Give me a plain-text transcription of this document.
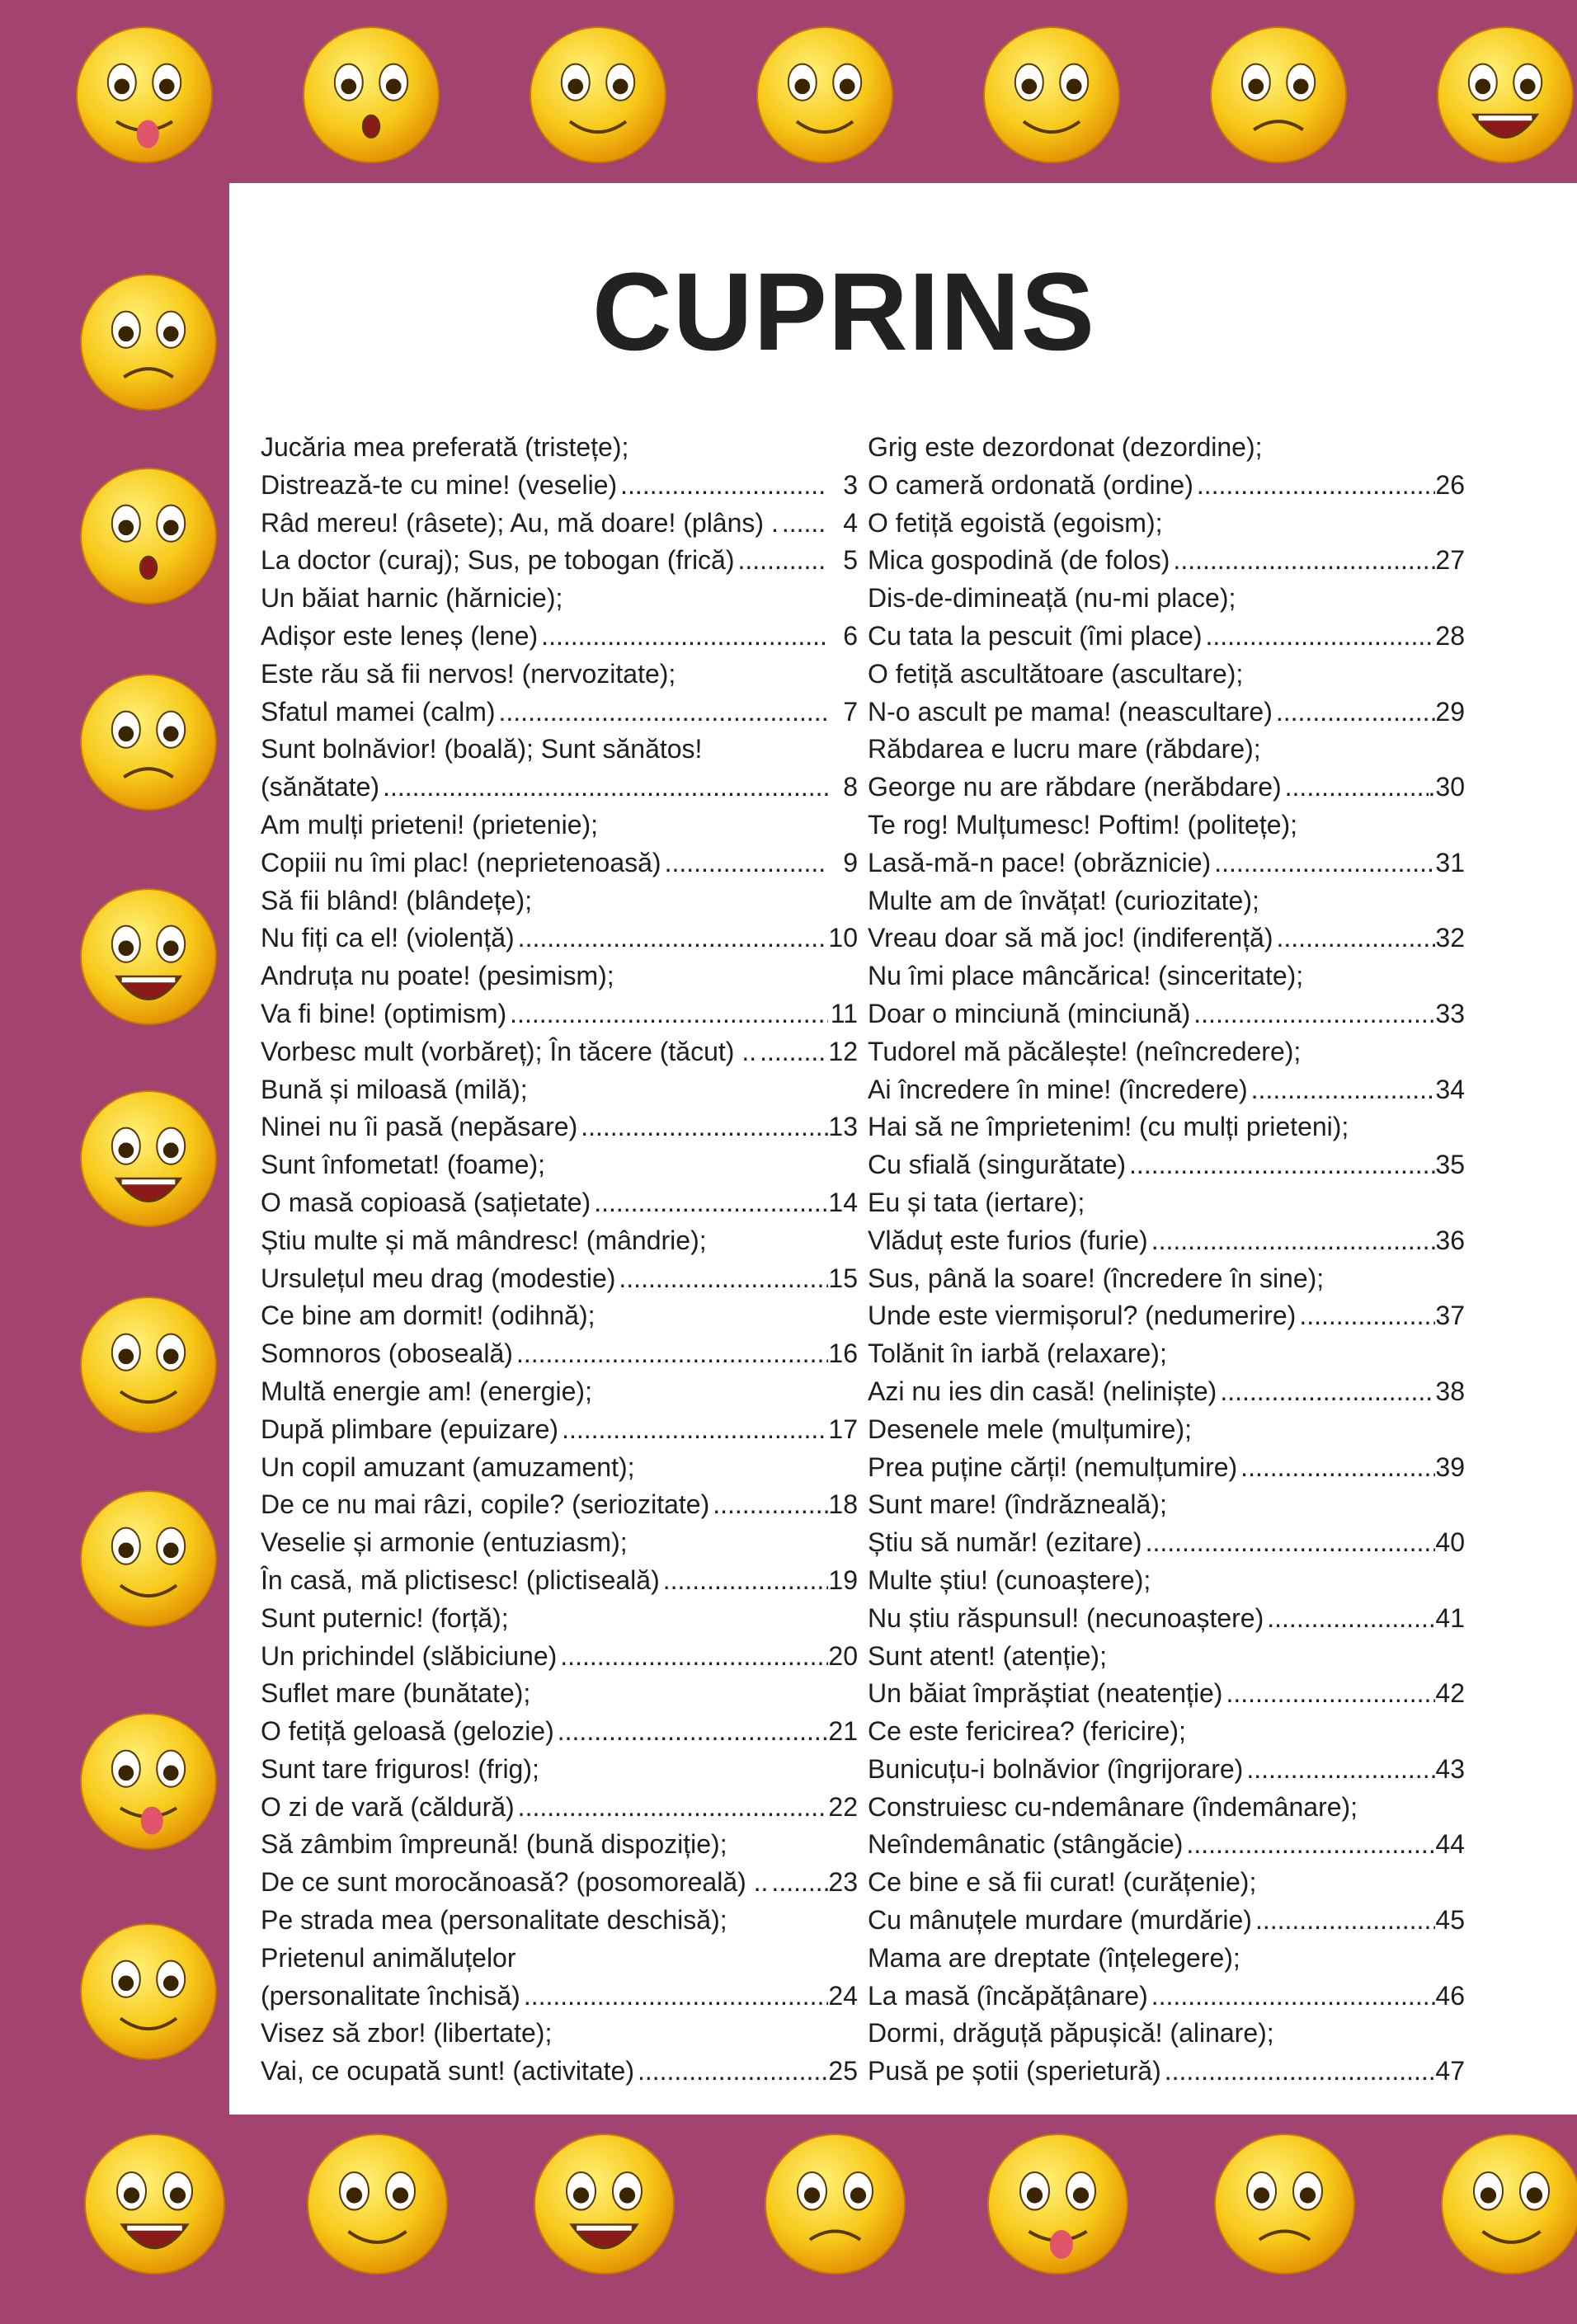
CUPRINS
Jucăria mea preferată (tristețe);
Distrează-te cu mine! (veselie) .....	3
Râd mereu! (râsete); Au, mă doare! (plâns) . .....	4
La doctor (curaj); Sus, pe tobogan (frică) .....	5
Un băiat harnic (hărnicie);
Adișor este leneș (lene) .....	6
Este rău să fii nervos! (nervozitate);
Sfatul mamei (calm) .....	7
Sunt bolnăvior! (boală); Sunt sănătos!
(sănătate) .....	8
Am mulți prieteni! (prietenie);
Copiii nu îmi plac! (neprietenoasă) .....	9
Să fii blând! (blândețe);
Nu fiți ca el! (violență) .....	10
Andruța nu poate! (pesimism);
Va fi bine! (optimism) .....	11
Vorbesc mult (vorbăreț); În tăcere (tăcut) .. .....	12
Bună și miloasă (milă);
Ninei nu îi pasă (nepăsare) .....	13
Sunt înfometat! (foame);
O masă copioasă (sațietate) .....	14
Știu multe și mă mândresc! (mândrie);
Ursulețul meu drag (modestie) .....	15
Ce bine am dormit! (odihnă);
Somnoros (oboseală) .....	16
Multă energie am! (energie);
După plimbare (epuizare) .....	17
Un copil amuzant (amuzament);
De ce nu mai râzi, copile? (seriozitate) .....	18
Veselie și armonie (entuziasm);
În casă, mă plictisesc! (plictiseală) .....	19
Sunt puternic! (forță);
Un prichindel (slăbiciune) .....	20
Suflet mare (bunătate);
O fetiță geloasă (gelozie) .....	21
Sunt tare friguros! (frig);
O zi de vară (căldură) .....	22
Să zâmbim împreună! (bună dispoziție);
De ce sunt morocănoasă? (posomoreală) .. ..... 23
Pe strada mea (personalitate deschisă);
Prietenul animăluțelor
(personalitate închisă) .....	24
Visez să zbor! (libertate);
Vai, ce ocupată sunt! (activitate) .....	25
Grig este dezordonat (dezordine);
O cameră ordonată (ordine) .....	26
O fetiță egoistă (egoism);
Mica gospodină (de folos) .....	27
Dis-de-dimineață (nu-mi place);
Cu tata la pescuit (îmi place) .....	28
O fetiță ascultătoare (ascultare);
N-o ascult pe mama! (neascultare) .....	29
Răbdarea e lucru mare (răbdare);
George nu are răbdare (nerăbdare) .....	.30
Te rog! Mulțumesc! Poftim! (politețe);
Lasă-mă-n pace! (obrăznicie) .....	31
Multe am de învățat! (curiozitate);
Vreau doar să mă joc! (indiferență) .....	32
Nu îmi place mâncărica! (sinceritate);
Doar o minciună (minciună) .....	33
Tudorel mă păcălește! (neîncredere);
Ai încredere în mine! (încredere) .....	34
Hai să ne împrietenim! (cu mulți prieteni);
Cu sfială (singurătate) .....	35
Eu și tata (iertare);
Vlăduț este furios (furie) .....	36
Sus, până la soare! (încredere în sine);
Unde este viermișorul? (nedumerire) .....	37
Tolănit în iarbă (relaxare);
Azi nu ies din casă! (neliniște) .....	38
Desenele mele (mulțumire);
Prea puține cărți! (nemulțumire) .....	39
Sunt mare! (îndrăzneală);
Știu să număr! (ezitare) .....	40
Multe știu! (cunoaștere);
Nu știu răspunsul! (necunoaștere) .....	41
Sunt atent! (atenție);
Un băiat împrăștiat (neatenție) .....	42
Ce este fericirea? (fericire);
Bunicuțu-i bolnăvior (îngrijorare) .....	43
Construiesc cu-ndemânare (îndemânare);
Neîndemânatic (stângăcie) .....	44
Ce bine e să fii curat! (curățenie);
Cu mânuțele murdare (murdărie) .....	45
Mama are dreptate (înțelegere);
La masă (încăpățânare) .....	46
Dormi, drăguță păpușică! (alinare);
Pusă pe șotii (sperietură) .....	47
